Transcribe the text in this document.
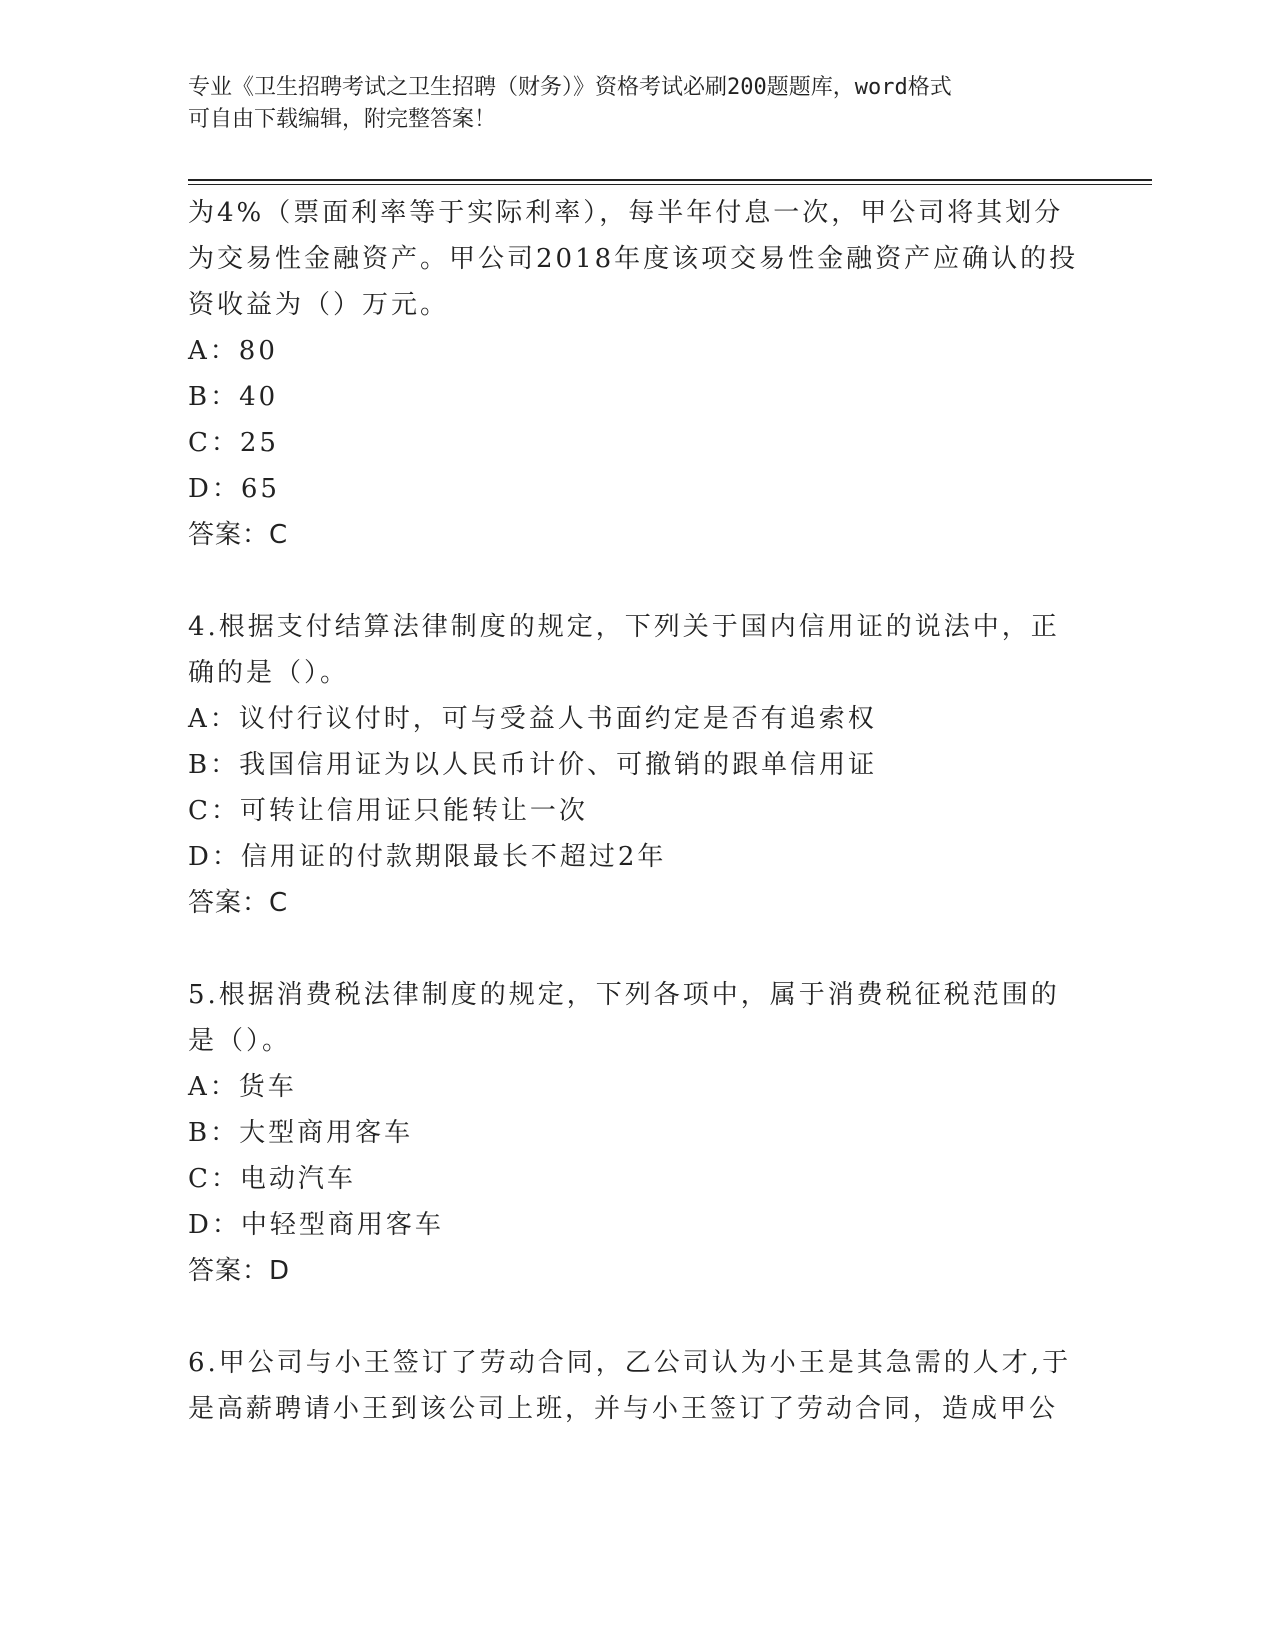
专业《卫生招聘考试之卫生招聘（财务）》资格考试必刷200题题库，word格式
可自由下载编辑，附完整答案！
为4%（票面利率等于实际利率），每半年付息一次，甲公司将其划分
为交易性金融资产。甲公司2018年度该项交易性金融资产应确认的投
资收益为（）万元。
A：80
B：40
C：25
D：65
答案：C
4.根据支付结算法律制度的规定，下列关于国内信用证的说法中，正
确的是（）。
A：议付行议付时，可与受益人书面约定是否有追索权
B：我国信用证为以人民币计价、可撤销的跟单信用证
C：可转让信用证只能转让一次
D：信用证的付款期限最长不超过2年
答案：C
5.根据消费税法律制度的规定，下列各项中，属于消费税征税范围的
是（）。
A：货车
B：大型商用客车
C：电动汽车
D：中轻型商用客车
答案：D
6.甲公司与小王签订了劳动合同，乙公司认为小王是其急需的人才,于
是高薪聘请小王到该公司上班，并与小王签订了劳动合同，造成甲公
